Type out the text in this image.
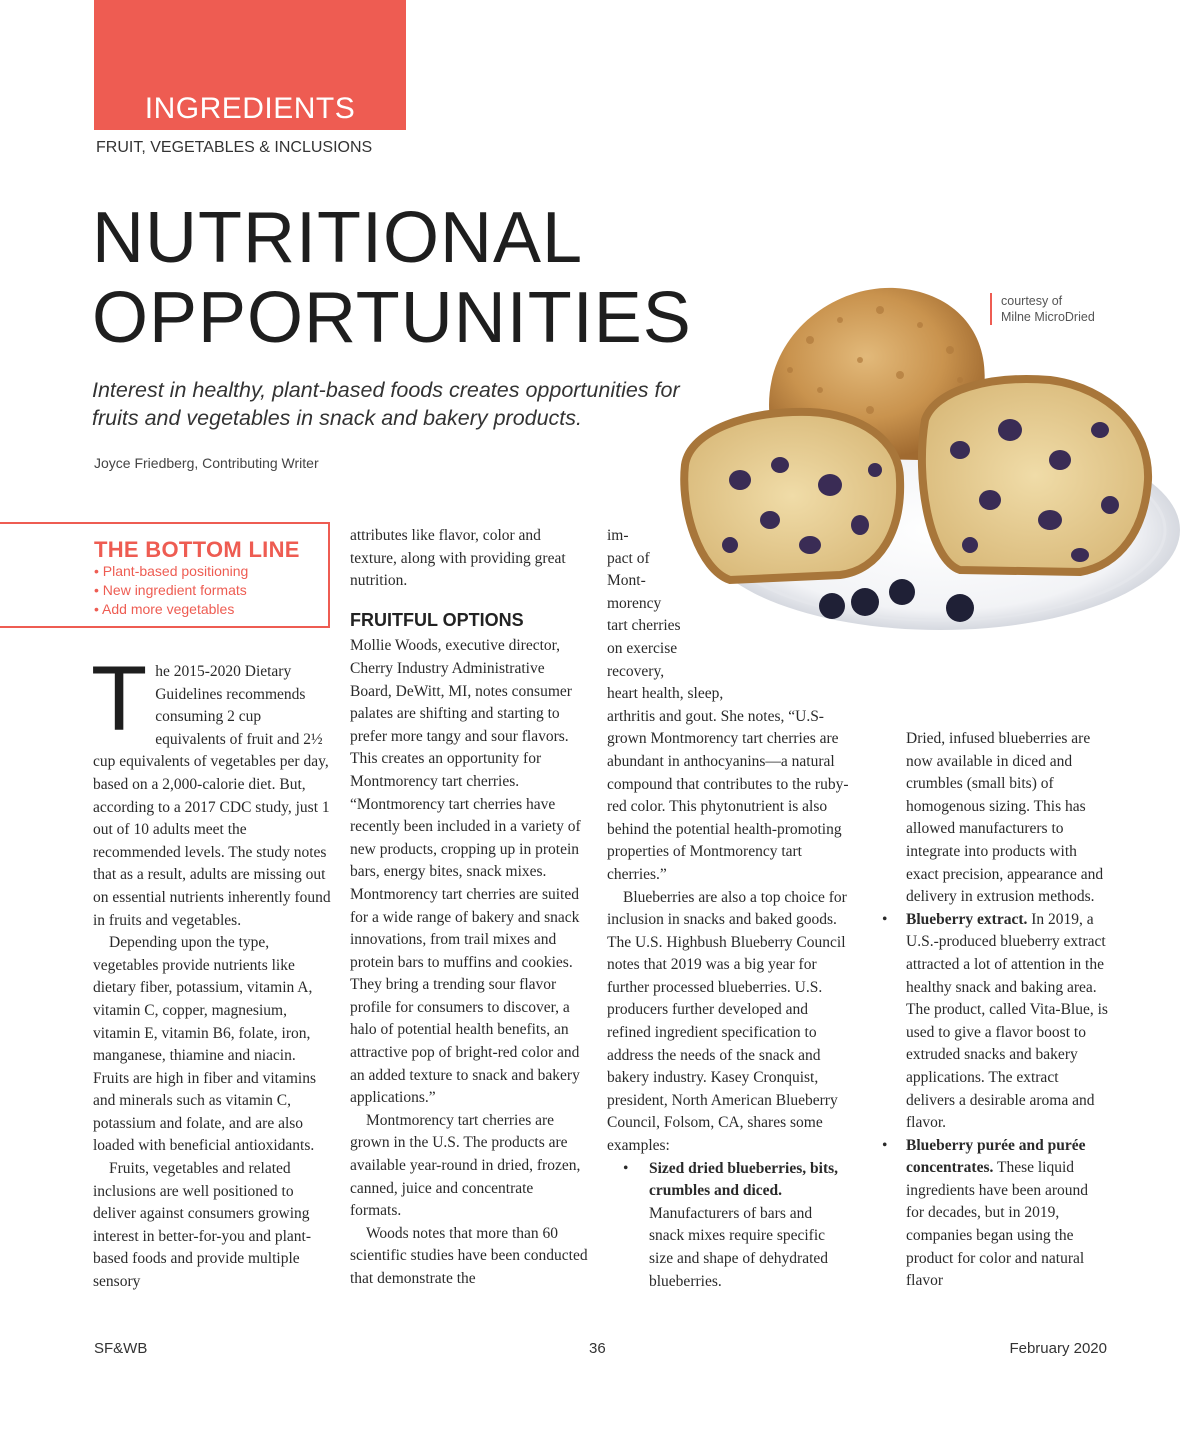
INGREDIENTS
FRUIT, VEGETABLES & INCLUSIONS
NUTRITIONAL
OPPORTUNITIES

Interest in healthy, plant-based foods creates opportunities for fruits and vegetables in snack and bakery products.

Joyce Friedberg, Contributing Writer
courtesy of
Milne MicroDried
THE BOTTOM LINE
• Plant-based positioning
• New ingredient formats
• Add more vegetables

The 2015-2020 Dietary Guidelines recommends consuming 2 cup equivalents of fruit and 2½ cup equivalents of vegetables per day, based on a 2,000-calorie diet. But, according to a 2017 CDC study, just 1 out of 10 adults meet the recommended levels. The study notes that as a result, adults are missing out on essential nutrients inherently found in fruits and vegetables.

Depending upon the type, vegetables provide nutrients like dietary fiber, potassium, vitamin A, vitamin C, copper, magnesium, vitamin E, vitamin B6, folate, iron, manganese, thiamine and niacin. Fruits are high in fiber and vitamins and minerals such as vitamin C, potassium and folate, and are also loaded with beneficial antioxidants.

Fruits, vegetables and related inclusions are well positioned to deliver against consumers growing interest in better-for-you and plant-based foods and provide multiple sensory

attributes like flavor, color and texture, along with providing great nutrition.

FRUITFUL OPTIONS

Mollie Woods, executive director, Cherry Industry Administrative Board, DeWitt, MI, notes consumer palates are shifting and starting to prefer more tangy and sour flavors. This creates an opportunity for Montmorency tart cherries. “Montmorency tart cherries have recently been included in a variety of new products, cropping up in protein bars, energy bites, snack mixes. Montmorency tart cherries are suited for a wide range of bakery and snack innovations, from trail mixes and protein bars to muffins and cookies. They bring a trending sour flavor profile for consumers to discover, a halo of potential health benefits, an attractive pop of bright-red color and an added texture to snack and bakery applications.”

Montmorency tart cherries are grown in the U.S. The products are available year-round in dried, frozen, canned, juice and concentrate formats.

Woods notes that more than 60 scientific studies have been conducted that demonstrate the

im-

pact of

Mont-

morency

tart cherries

on exercise

recovery,

heart health, sleep,

arthritis and gout. She notes, “U.S-grown Montmorency tart cherries are abundant in anthocyanins—a natural compound that contributes to the ruby-red color. This phytonutrient is also behind the potential health-promoting properties of Montmorency tart cherries.”

Blueberries are also a top choice for inclusion in snacks and baked goods. The U.S. Highbush Blueberry Council notes that 2019 was a big year for further processed blueberries. U.S. producers further developed and refined ingredient specification to address the needs of the snack and bakery industry. Kasey Cronquist, president, North American Blueberry Council, Folsom, CA, shares some examples:

• Sized dried blueberries, bits, crumbles and diced. Manufacturers of bars and snack mixes require specific size and shape of dehydrated blueberries.

Dried, infused blueberries are now available in diced and crumbles (small bits) of homogenous sizing. This has allowed manufacturers to integrate into products with exact precision, appearance and delivery in extrusion methods.

• Blueberry extract. In 2019, a U.S.-produced blueberry extract attracted a lot of attention in the healthy snack and baking area. The product, called Vita-Blue, is used to give a flavor boost to extruded snacks and bakery applications. The extract delivers a desirable aroma and flavor.

• Blueberry purée and purée concentrates. These liquid ingredients have been around for decades, but in 2019, companies began using the product for color and natural flavor

SF&WB	36	February 2020
